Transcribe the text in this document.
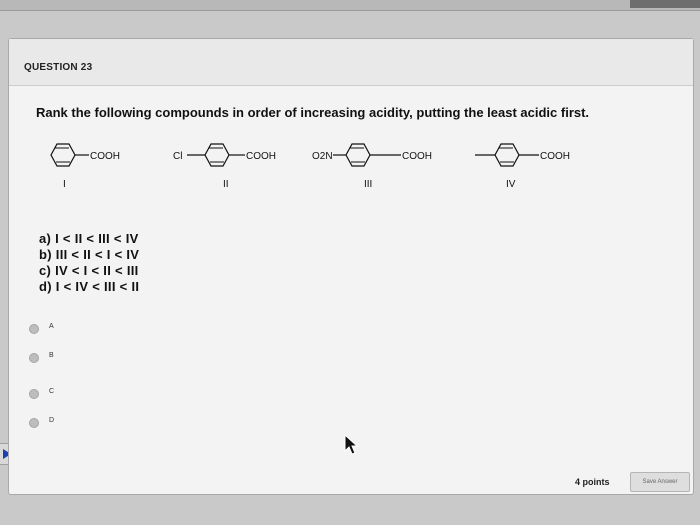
QUESTION 23
Rank the following compounds in order of increasing acidity, putting the least acidic first.
COOH
I
Cl	COOH
II
O2N	COOH
III
COOH
IV
a) I < II < III < IV
b) III < II < I < IV
c) IV < I < II < III
d) I < IV < III < II
A
B
C
D
4 points	Save Answer
